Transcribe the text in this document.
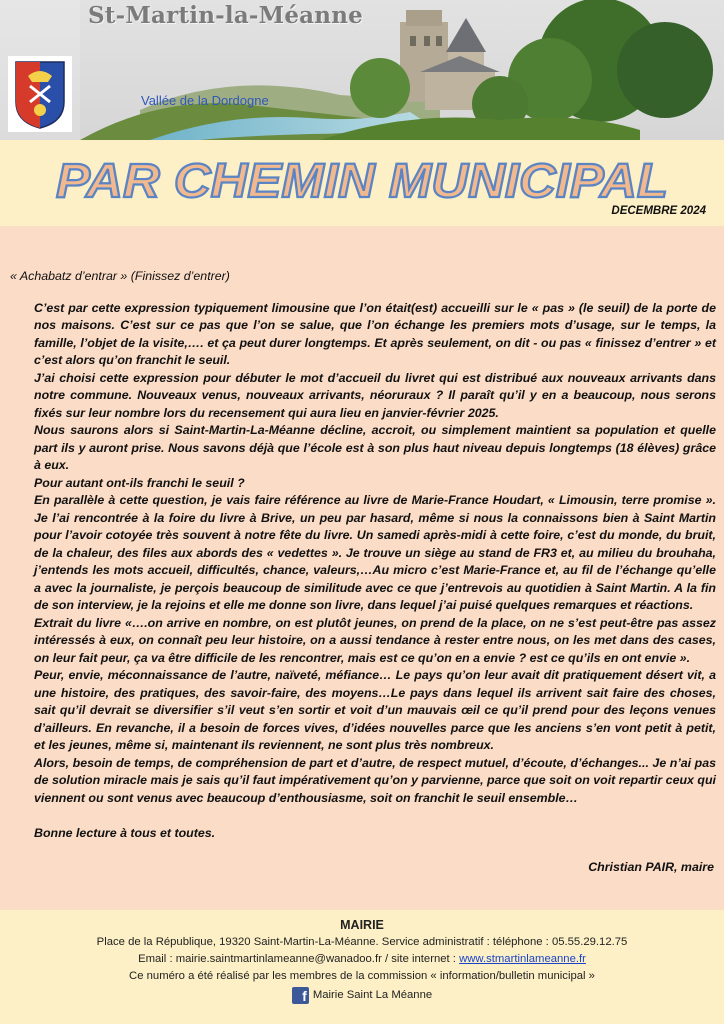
St-Martin-la-Méanne
Vallée de la Dordogne
PAR CHEMIN MUNICIPAL
DECEMBRE 2024

« Achabatz d’entrar » (Finissez d’entrer)

C’est par cette expression typiquement limousine que l’on était(est) accueilli sur le « pas » (le seuil) de la porte de nos maisons. C’est sur ce pas que l’on se salue, que l’on échange les premiers mots d’usage, sur le temps, la famille, l’objet de la visite,…. et ça peut durer longtemps. Et après seulement, on dit - ou pas « finissez d’entrer » et c’est alors qu’on franchit le seuil.

J’ai choisi cette expression pour débuter le mot d’accueil du livret qui est distribué aux nouveaux arrivants dans notre commune. Nouveaux venus, nouveaux arrivants, néoruraux ? Il paraît qu’il y en a beaucoup, nous serons fixés sur leur nombre lors du recensement qui aura lieu en janvier-février 2025.

Nous saurons alors si Saint-Martin-La-Méanne décline, accroit, ou simplement maintient sa population et quelle part ils y auront prise. Nous savons déjà que l’école est à son plus haut niveau depuis longtemps (18 élèves) grâce à eux.

Pour autant ont-ils franchi le seuil ?

En parallèle à cette question, je vais faire référence au livre de Marie-France Houdart, « Limousin, terre promise ». Je l’ai rencontrée à la foire du livre à Brive, un peu par hasard, même si nous la connaissons bien à Saint Martin pour l’avoir cotoyée très souvent à notre fête du livre. Un samedi après-midi à cette foire, c’est du monde, du bruit, de la chaleur, des files aux abords des « vedettes ». Je trouve un siège au stand de FR3 et, au milieu du brouhaha, j’entends les mots accueil, difficultés, chance, valeurs,…Au micro c’est Marie-France et, au fil de l’échange qu’elle a avec la journaliste, je perçois beaucoup de similitude avec ce que j’entrevois au quotidien à Saint Martin. A la fin de son interview, je la rejoins et elle me donne son livre, dans lequel j’ai puisé quelques remarques et réactions.

Extrait du livre «….on arrive en nombre, on est plutôt jeunes, on prend de la place, on ne s’est peut-être pas assez intéressés à eux, on connaît peu leur histoire, on a aussi tendance à rester entre nous, on les met dans des cases, on leur fait peur, ça va être difficile de les rencontrer, mais est ce qu’on en a envie ? est ce qu’ils en ont envie ».

Peur, envie, méconnaissance de l’autre, naïveté, méfiance… Le pays qu’on leur avait dit pratiquement désert vit, a une histoire, des pratiques, des savoir-faire, des moyens…Le pays dans lequel ils arrivent sait faire des choses, sait qu’il devrait se diversifier s’il veut s’en sortir et voit d’un mauvais œil ce qu’il prend pour des leçons venues d’ailleurs. En revanche, il a besoin de forces vives, d’idées nouvelles parce que les anciens s’en vont petit à petit, et les jeunes, même si, maintenant ils reviennent, ne sont plus très nombreux.

Alors, besoin de temps, de compréhension de part et d’autre, de respect mutuel, d’écoute, d’échanges... Je n’ai pas de solution miracle mais je sais qu’il faut impérativement qu’on y parvienne, parce que soit on voit repartir ceux qui viennent ou sont venus avec beaucoup d’enthousiasme, soit on franchit le seuil ensemble…

Bonne lecture à tous et toutes.

Christian PAIR, maire

MAIRIE
Place de la République, 19320 Saint-Martin-La-Méanne. Service administratif : téléphone : 05.55.29.12.75
Email : mairie.saintmartinlameanne@wanadoo.fr / site internet : www.stmartinlameanne.fr
Ce numéro a été réalisé par les membres de la commission « information/bulletin municipal »
f Mairie Saint La Méanne
